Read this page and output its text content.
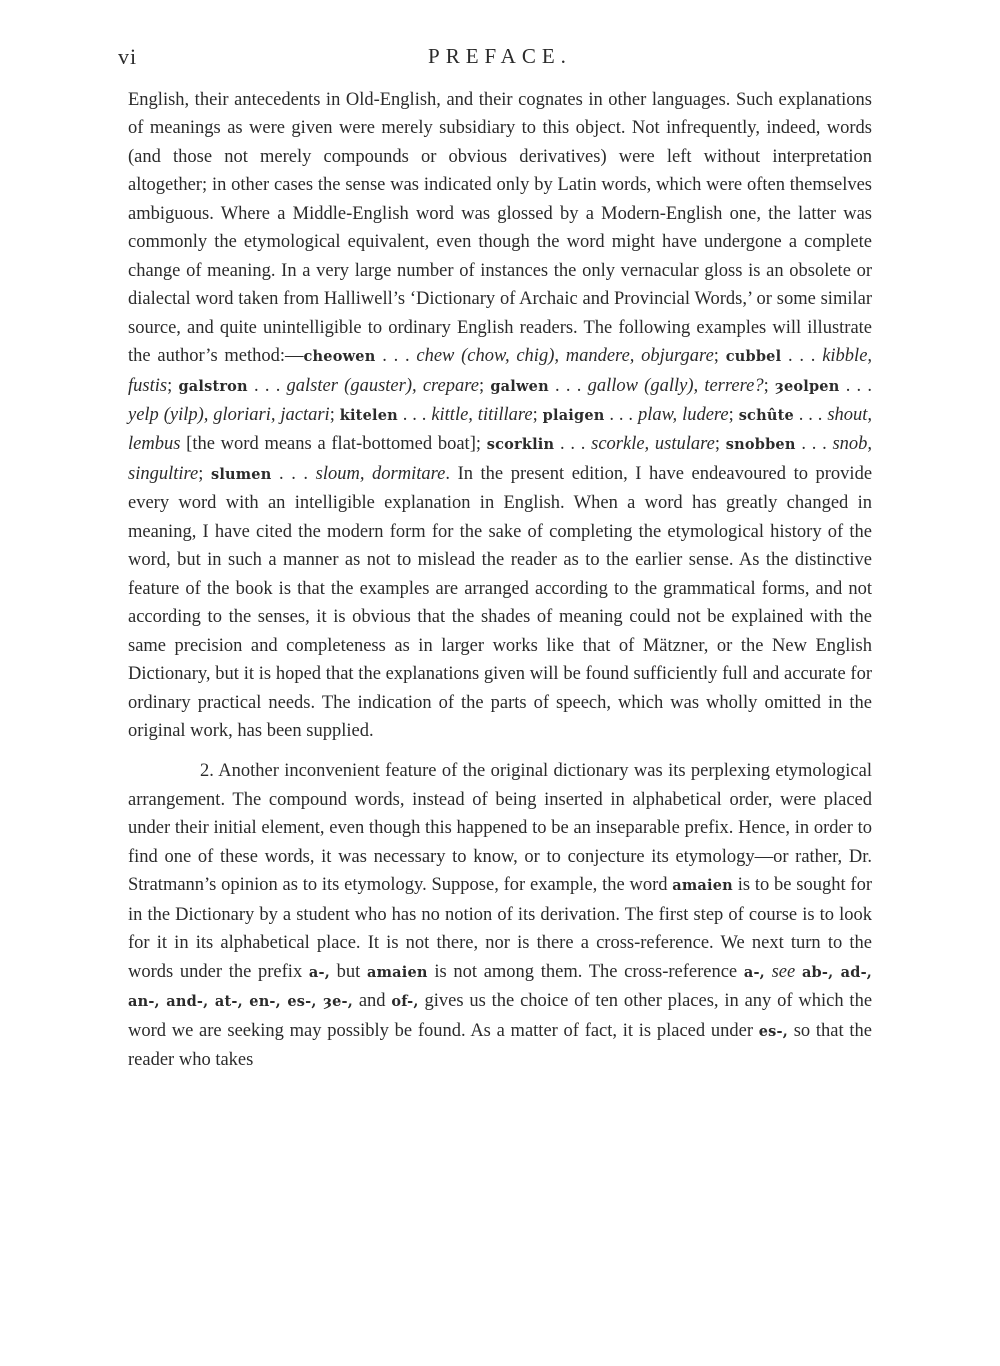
vi	PREFACE.

English, their antecedents in Old-English, and their cognates in other languages. Such explanations of meanings as were given were merely subsidiary to this object. Not infrequently, indeed, words (and those not merely compounds or obvious derivatives) were left without interpretation altogether; in other cases the sense was indicated only by Latin words, which were often themselves ambiguous. Where a Middle-English word was glossed by a Modern-English one, the latter was commonly the etymological equivalent, even though the word might have undergone a complete change of meaning. In a very large number of instances the only vernacular gloss is an obsolete or dialectal word taken from Halliwell’s ‘Dictionary of Archaic and Provincial Words,’ or some similar source, and quite unintelligible to ordinary English readers. The following examples will illustrate the author’s method:—cheowen . . . chew (chow, chig), mandere, objurgare; cubbel . . . kibble, fustis; galstron . . . galster (gauster), crepare; galwen . . . gallow (gally), terrere?; ȝeolpen . . . yelp (yilp), gloriari, jactari; kitelen . . . kittle, titillare; plaigen . . . plaw, ludere; schûte . . . shout, lembus [the word means a flat-bottomed boat]; scorklin . . . scorkle, ustulare; snobben . . . snob, singultire; slumen . . . sloum, dormitare. In the present edition, I have endeavoured to provide every word with an intelligible explanation in English. When a word has greatly changed in meaning, I have cited the modern form for the sake of completing the etymological history of the word, but in such a manner as not to mislead the reader as to the earlier sense. As the distinctive feature of the book is that the examples are arranged according to the grammatical forms, and not according to the senses, it is obvious that the shades of meaning could not be explained with the same precision and completeness as in larger works like that of Mätzner, or the New English Dictionary, but it is hoped that the explanations given will be found sufficiently full and accurate for ordinary practical needs. The indication of the parts of speech, which was wholly omitted in the original work, has been supplied.

2. Another inconvenient feature of the original dictionary was its perplexing etymological arrangement. The compound words, instead of being inserted in alphabetical order, were placed under their initial element, even though this happened to be an inseparable prefix. Hence, in order to find one of these words, it was necessary to know, or to conjecture its etymology—or rather, Dr. Stratmann’s opinion as to its etymology. Suppose, for example, the word amaien is to be sought for in the Dictionary by a student who has no notion of its derivation. The first step of course is to look for it in its alphabetical place. It is not there, nor is there a cross-reference. We next turn to the words under the prefix a-, but amaien is not among them. The cross-reference a-, see ab-, ad-, an-, and-, at-, en-, es-, ȝe-, and of-, gives us the choice of ten other places, in any of which the word we are seeking may possibly be found. As a matter of fact, it is placed under es-, so that the reader who takes
